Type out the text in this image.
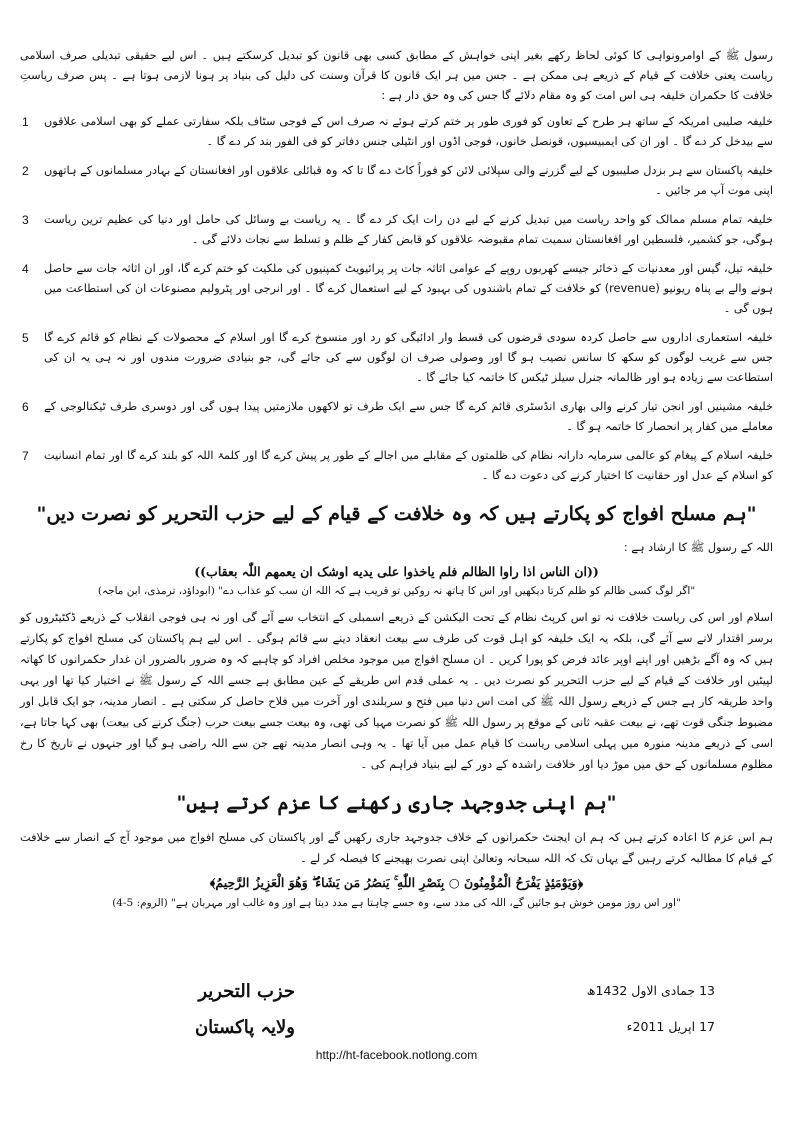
رسول ﷺ کے اوامرونواہی کا کوئی لحاظ رکھے بغیر اپنی خواہش کے مطابق کسی بھی قانون کو تبدیل کرسکتے ہیں ۔ اس لیے حقیقی تبدیلی صرف اسلامی ریاست یعنی خلافت کے قیام کے ذریعے ہی ممکن ہے ۔ جس میں ہر ایک قانون کا قرآن وسنت کی دلیل کی بنیاد پر ہونا لازمی ہوتا ہے ۔ پس صرف ریاستِ خلافت کا حکمران خلیفہ ہی اس امت کو وہ مقام دلائے گا جس کی وہ حق دار ہے :

1 خلیفہ صلیبی امریکہ کے ساتھ ہر طرح کے تعاون کو فوری طور پر ختم کرتے ہوئے نہ صرف اس کے فوجی سٹاف بلکہ سفارتی عملے کو بھی اسلامی علاقوں سے بیدخل کر دے گا ۔ اور ان کی ایمبیسیوں، قونصل خانوں، فوجی اڈوں اور انٹیلی جنس دفاتر کو فی الفور بند کر دے گا ۔
2 خلیفہ پاکستان سے ہر بزدل صلیبیوں کے لیے گزرنے والی سپلائی لائن کو فوراً کاٹ دے گا تا کہ وہ قبائلی علاقوں اور افغانستان کے بہادر مسلمانوں کے ہاتھوں اپنی موت آپ مر جائیں ۔
3 خلیفہ تمام مسلم ممالک کو واحد ریاست میں تبدیل کرنے کے لیے دن رات ایک کر دے گا ۔ یہ ریاست بے وسائل کی حامل اور دنیا کی عظیم ترین ریاست ہوگی، جو کشمیر، فلسطین اور افغانستان سمیت تمام مقبوضہ علاقوں کو قابض کفار کے ظلم و تسلط سے نجات دلائے گی ۔
4 خلیفہ تیل، گیس اور معدنیات کے ذخائر جیسے کھربوں روپے کے عوامی اثاثہ جات پر پرائیویٹ کمپنیوں کی ملکیت کو ختم کرے گا، اور ان اثاثہ جات سے حاصل ہونے والے بے پناہ ریونیو (revenue) کو خلافت کے تمام باشندوں کی بہبود کے لیے استعمال کرے گا ۔ اور انرجی اور پٹرولیم مصنوعات ان کی استطاعت میں ہوں گی ۔
5 خلیفہ استعماری اداروں سے حاصل کردہ سودی قرضوں کی قسط وار ادائیگی کو رد اور منسوخ کرے گا اور اسلام کے محصولات کے نظام کو قائم کرے گا جس سے غریب لوگوں کو سکھ کا سانس نصیب ہو گا اور وصولی صرف ان لوگوں سے کی جائے گی، جو بنیادی ضرورت مندوں اور نہ ہی یہ ان کی استطاعت سے زیادہ ہو اور ظالمانہ جنرل سیلز ٹیکس کا خاتمہ کیا جائے گا ۔
6 خلیفہ مشینیں اور انجن تیار کرنے والی بھاری انڈسٹری قائم کرے گا جس سے ایک طرف تو لاکھوں ملازمتیں پیدا ہوں گی اور دوسری طرف ٹیکنالوجی کے معاملے میں کفار پر انحصار کا خاتمہ ہو گا ۔
7 خلیفہ اسلام کے پیغام کو عالمی سرمایہ دارانہ نظام کی ظلمتوں کے مقابلے میں اجالے کے طور پر پیش کرے گا اور کلمۃ اللہ کو بلند کرے گا اور تمام انسانیت کو اسلام کے عدل اور حقانیت کا اختیار کرنے کی دعوت دے گا ۔
"ہم مسلح افواج کو پکارتے ہیں کہ وہ خلافت کے قیام کے لیے حزب التحریر کو نصرت دیں"

اللہ کے رسول ﷺ کا ارشاد ہے :

((ان الناس اذا راوا الظالم فلم یاخذوا علی یدیه اوشک ان یعمھم اللّٰہ بعقاب))
"اگر لوگ کسی ظالم کو ظلم کرتا دیکھیں اور اس کا ہاتھ نہ روکیں تو قریب ہے کہ اللہ ان سب کو عذاب دے" (ابوداؤد، ترمذی، ابن ماجہ)

اسلام اور اس کی ریاست خلافت نہ تو اس کرپٹ نظام کے تحت الیکشن کے ذریعے اسمبلی کے انتخاب سے آئے گی اور نہ ہی فوجی انقلاب کے ذریعے ڈکٹیٹروں کو برسر اقتدار لانے سے آئے گی، بلکہ یہ ایک خلیفہ کو اہل قوت کی طرف سے بیعت انعقاد دینے سے قائم ہوگی ۔ اس لیے ہم پاکستان کی مسلح افواج کو پکارتے ہیں کہ وہ آگے بڑھیں اور اپنے اوپر عائد فرض کو پورا کریں ۔ ان مسلح افواج میں موجود مخلص افراد کو چاہیے کہ وہ ضرور بالضرور ان غدار حکمرانوں کا کھاتہ لپیٹیں اور خلافت کے قیام کے لیے حزب التحریر کو نصرت دیں ۔ یہ عملی قدم اس طریقے کے عین مطابق ہے جسے اللہ کے رسول ﷺ نے اختیار کیا تھا اور یہی واحد طریقہ کار ہے جس کے ذریعے رسول اللہ ﷺ کی امت اس دنیا میں فتح و سربلندی اور آخرت میں فلاح حاصل کر سکتی ہے ۔ انصار مدینہ، جو ایک قابل اور مضبوط جنگی قوت تھے، نے بیعت عقبہ ثانی کے موقع پر رسول اللہ ﷺ کو نصرت مہیا کی تھی، وہ بیعت جسے بیعت حرب (جنگ کرنے کی بیعت) بھی کہا جاتا ہے، اسی کے ذریعے مدینہ منورہ میں پہلی اسلامی ریاست کا قیام عمل میں آیا تھا ۔ یہ وہی انصار مدینہ تھے جن سے اللہ راضی ہو گیا اور جنہوں نے تاریخ کا رخ مظلوم مسلمانوں کے حق میں موڑ دیا اور خلافت راشدہ کے دور کے لیے بنیاد فراہم کی ۔

"ہم اپنی جدوجہد جاری رکھنے کا عزم کرتے ہیں"

ہم اس عزم کا اعادہ کرتے ہیں کہ ہم ان ایجنٹ حکمرانوں کے خلاف جدوجہد جاری رکھیں گے اور پاکستان کی مسلح افواج میں موجود آج کے انصار سے خلافت کے قیام کا مطالبہ کرتے رہیں گے یہاں تک کہ اللہ سبحانہ وتعالیٰ اپنی نصرت بھیجنے کا فیصلہ کر لے ۔

﴿وَيَوْمَئِذٍ يَفْرَحُ الْمُؤْمِنُونَ ○ بِنَصْرِ اللّٰهِ ۚ يَنصُرُ مَن يَشَاءُ ۖ وَهُوَ الْعَزِيزُ الرَّحِيمُ﴾
"اور اس روز مومن خوش ہو جائیں گے، اللہ کی مدد سے، وہ جسے چاہتا ہے مدد دیتا ہے اور وہ غالب اور مہربان ہے" (الروم: 5-4)
حزب التحریر
ولایہ پاکستان
13 جمادی الاول 1432ھ
17 اپریل 2011ء
http://ht-facebook.notlong.com
